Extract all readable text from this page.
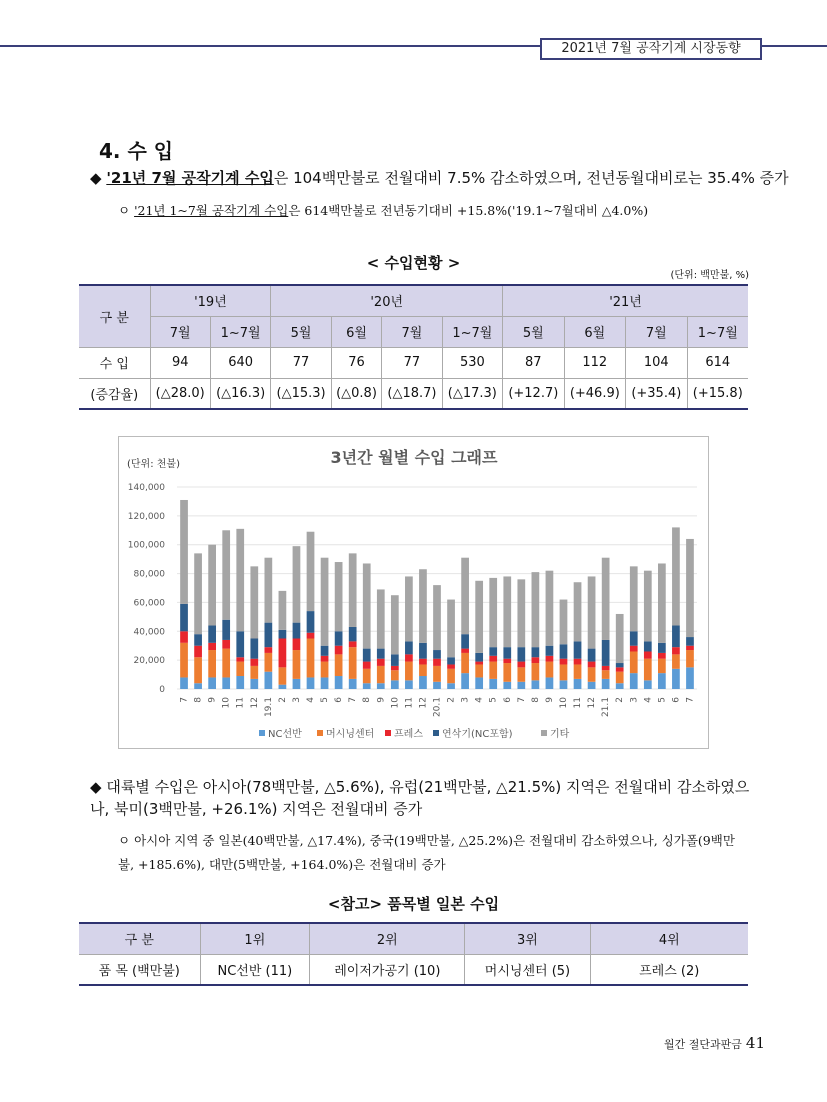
2021년 7월 공작기계 시장동향
4. 수 입
◆ '21년 7월 공작기계 수입은 104백만불로 전월대비 7.5% 감소하였으며, 전년동월대비로는 35.4% 증가
ㅇ '21년 1~7월 공작기계 수입은 614백만불로 전년동기대비 +15.8%('19.1~7월대비 △4.0%)
< 수입현황 >
(단위: 백만불, %)
구 분	'19년		'20년				'21년			
	7월	1~7월	5월	6월	7월	1~7월	5월	6월	7월	1~7월
수 입	94	640	77	76	77	530	87	112	104	614
(증감율)	(△28.0)	(△16.3)	(△15.3)	(△0.8)	(△18.7)	(△17.3)	(+12.7)	(+46.9)	(+35.4)	(+15.8)
3년간 월별 수입 그래프
(단위: 천불)
0
20,000
40,000
60,000
80,000
100,000
120,000
140,000
7 8 9 10 11 12 19.1 2 3 4 5 6 7 8 9 10 11 12 20.1 2 3 4 5 6 7 8 9 10 11 12 21.1 2 3 4 5 6 7
NC선반 머시닝센터 프레스 연삭기(NC포함)	기타
◆ 대륙별 수입은 아시아(78백만불, △5.6%), 유럽(21백만불, △21.5%) 지역은 전월대비 감소하였으나, 북미(3백만불, +26.1%) 지역은 전월대비 증가
ㅇ 아시아 지역 중 일본(40백만불, △17.4%), 중국(19백만불, △25.2%)은 전월대비 감소하였으나, 싱가폴(9백만불, +185.6%), 대만(5백만불, +164.0%)은 전월대비 증가
<참고> 품목별 일본 수입
구 분	1위	2위	3위	4위
품 목 (백만불)	NC선반 (11)	레이저가공기 (10)	머시닝센터 (5)	프레스 (2)
월간 절단과판금 41
